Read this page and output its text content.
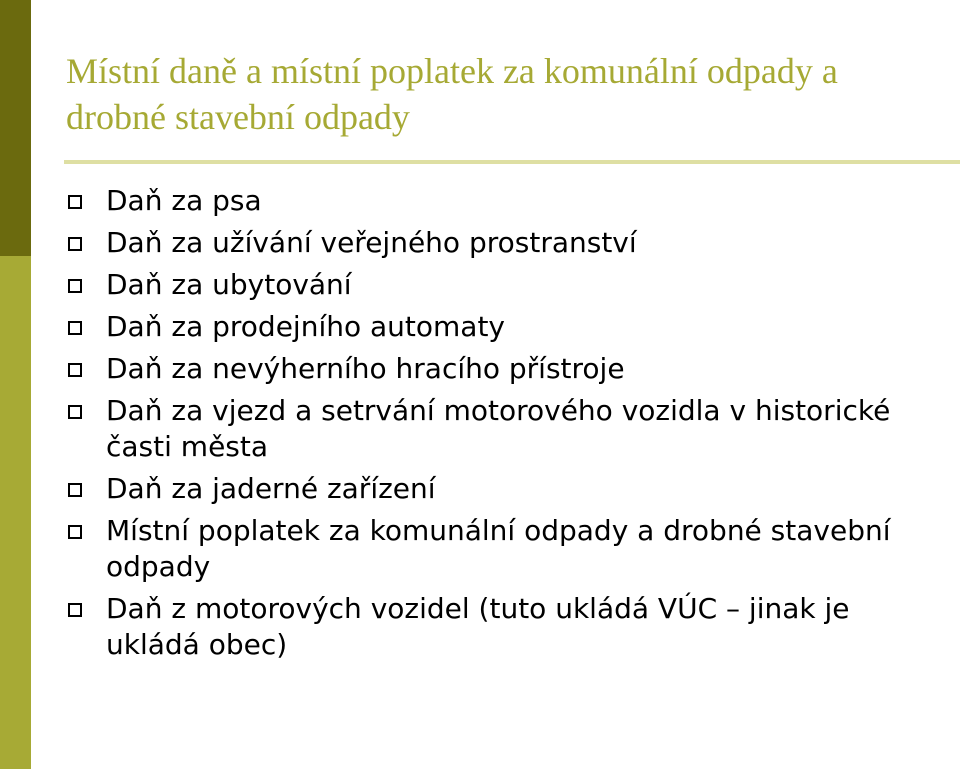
Místní daně a místní poplatek za komunální odpady a drobné stavební odpady
Daň za psa
Daň za užívání veřejného prostranství
Daň za ubytování
Daň za prodejního automaty
Daň za nevýherního hracího přístroje
Daň za vjezd a setrvání motorového vozidla v historické časti města
Daň za jaderné zařízení
Místní poplatek za komunální odpady a drobné stavební odpady
Daň z motorových vozidel (tuto ukládá VÚC – jinak je ukládá obec)
